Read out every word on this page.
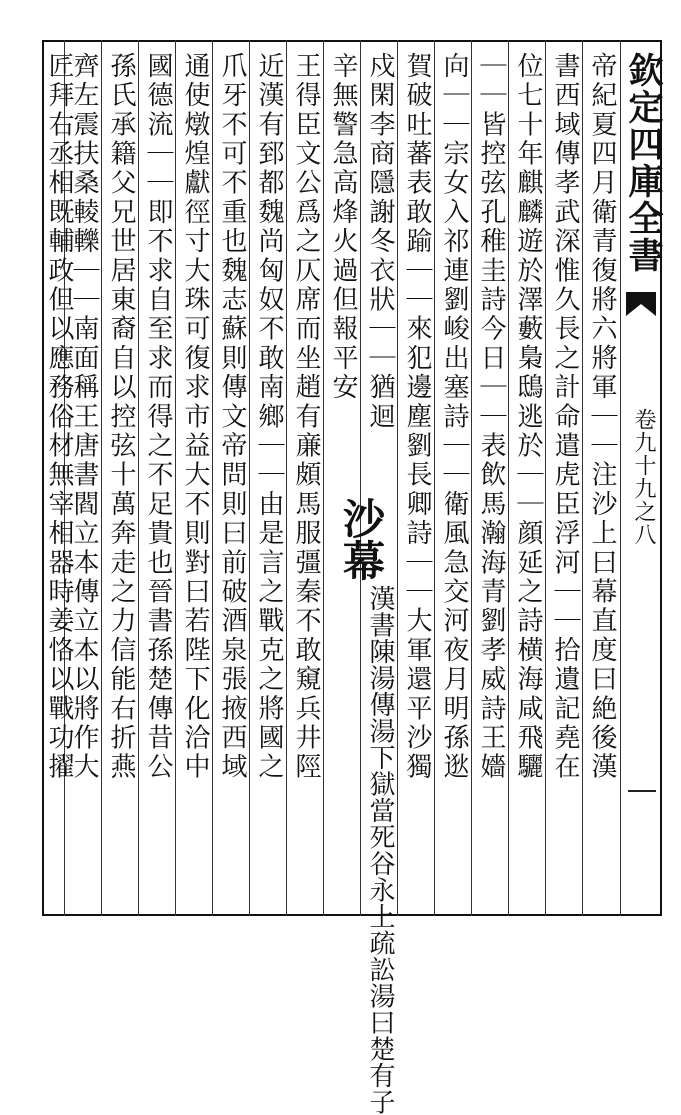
欽定四庫全書
卷九十九之八
帝紀夏四月衛青復將六將軍｜｜注沙上曰幕直度曰絶後漢
書西域傳孝武深惟久長之計命遣虎臣浮河｜｜拾遺記堯在
位七十年麒麟遊於澤藪梟鴟逃於｜｜顔延之詩横海咸飛驪
｜｜皆控弦孔稚圭詩今日｜｜表飲馬瀚海青劉孝威詩王嬙
向｜｜宗女入祁連劉峻出塞詩｜｜衛風急交河夜月明孫逖
賀破吐蕃表敢踰｜｜來犯邊塵劉長卿詩｜｜大軍還平沙獨
戍閑李商隱謝冬衣狀｜｜猶迴
辛無警急高烽火過但報平安
沙幕
漢書陳湯傳湯下獄當死谷永上疏訟湯曰楚有子
王得臣文公爲之仄席而坐趙有亷頗馬服彊秦不敢窺兵井陘
近漢有郅都魏尚匈奴不敢南鄉｜｜由是言之戰克之將國之
爪牙不可不重也魏志蘇則傳文帝問則曰前破酒泉張掖西域
通使燉煌獻徑寸大珠可復求市益大不則對曰若陛下化洽中
國德流｜｜即不求自至求而得之不足貴也晉書孫楚傳昔公
孫氏承籍父兄世居東裔自以控弦十萬奔走之力信能右折燕
齊左震扶桑輘轢｜｜南面稱王唐書閻立本傳立本以將作大
匠拜右丞相既輔政但以應務俗材無宰相器時姜恪以戰功擢
